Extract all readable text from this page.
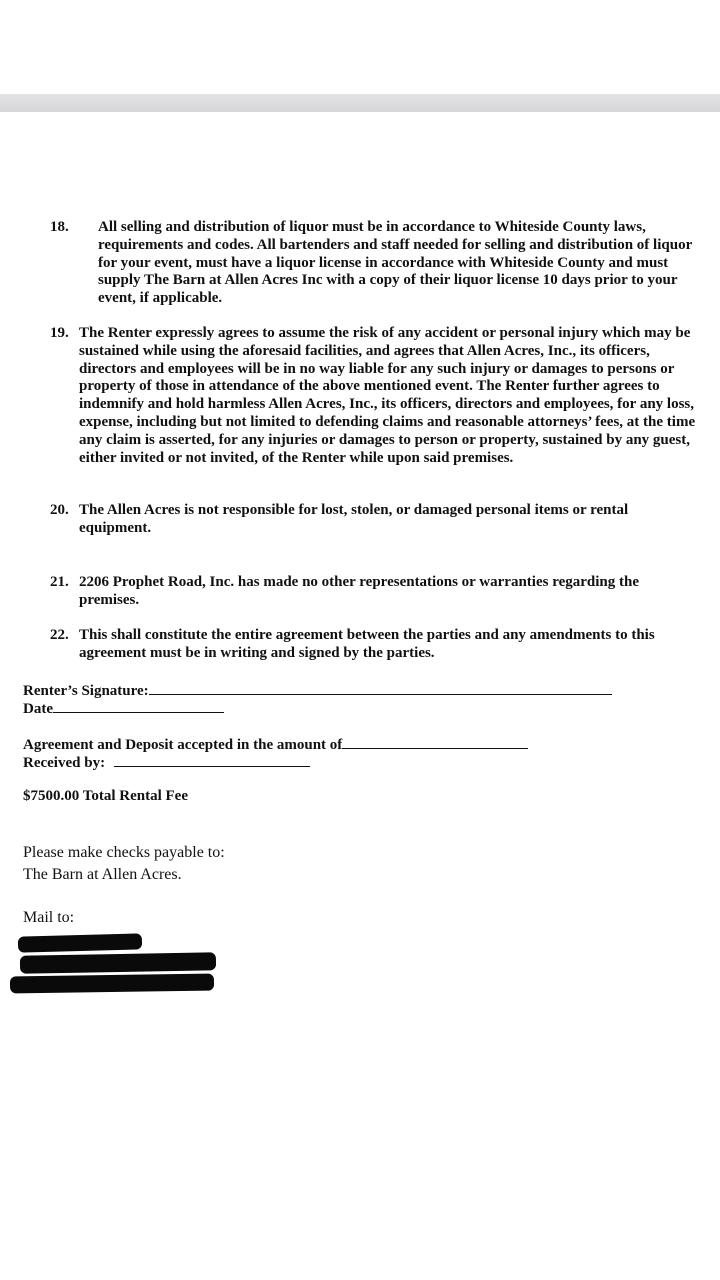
18. All selling and distribution of liquor must be in accordance to Whiteside County laws, requirements and codes. All bartenders and staff needed for selling and distribution of liquor for your event, must have a liquor license in accordance with Whiteside County and must supply The Barn at Allen Acres Inc with a copy of their liquor license 10 days prior to your event, if applicable.
19. The Renter expressly agrees to assume the risk of any accident or personal injury which may be sustained while using the aforesaid facilities, and agrees that Allen Acres, Inc., its officers, directors and employees will be in no way liable for any such injury or damages to persons or property of those in attendance of the above mentioned event. The Renter further agrees to indemnify and hold harmless Allen Acres, Inc., its officers, directors and employees, for any loss, expense, including but not limited to defending claims and reasonable attorneys’ fees, at the time any claim is asserted, for any injuries or damages to person or property, sustained by any guest, either invited or not invited, of the Renter while upon said premises.
20. The Allen Acres is not responsible for lost, stolen, or damaged personal items or rental equipment.
21. 2206 Prophet Road, Inc. has made no other representations or warranties regarding the premises.
22. This shall constitute the entire agreement between the parties and any amendments to this agreement must be in writing and signed by the parties.
Renter’s Signature:
Date
Agreement and Deposit accepted in the amount of
Received by:
$7500.00 Total Rental Fee
Please make checks payable to:
The Barn at Allen Acres.
Mail to:
